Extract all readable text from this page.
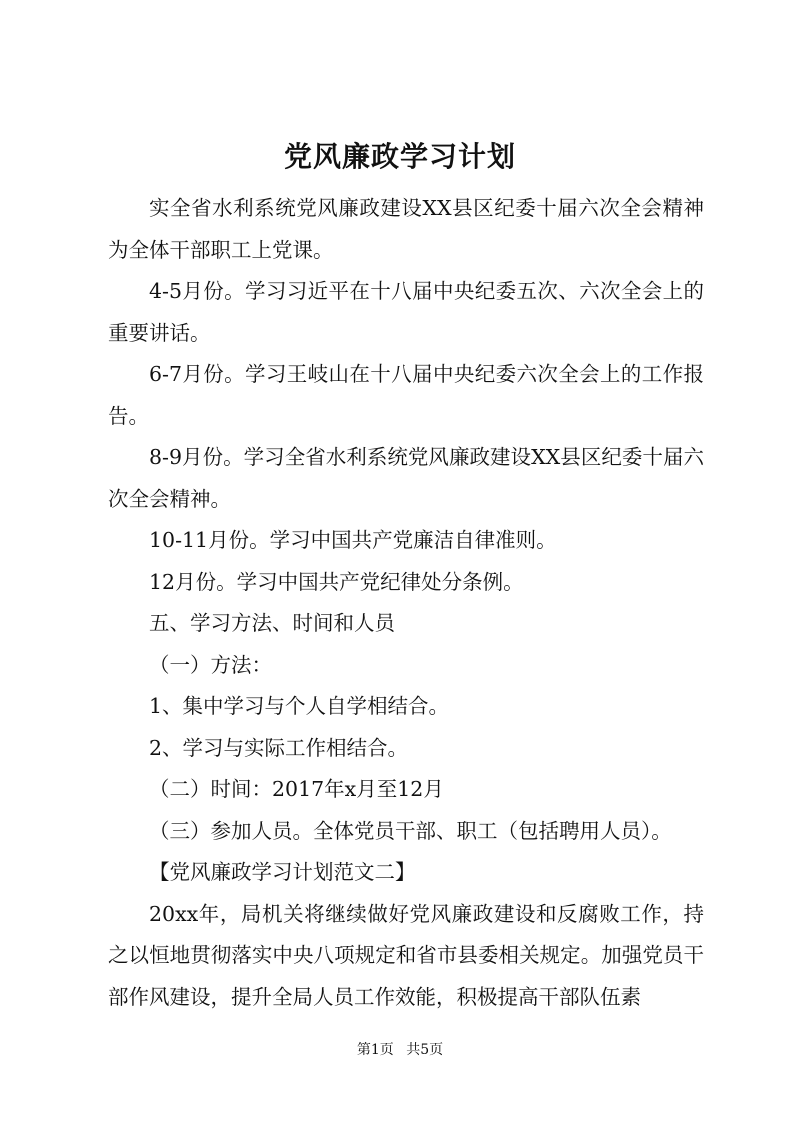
党风廉政学习计划

实全省水利系统党风廉政建设XX县区纪委十届六次全会精神为全体干部职工上党课。

4-5月份。学习习近平在十八届中央纪委五次、六次全会上的重要讲话。

6-7月份。学习王岐山在十八届中央纪委六次全会上的工作报告。

8-9月份。学习全省水利系统党风廉政建设XX县区纪委十届六次全会精神。

10-11月份。学习中国共产党廉洁自律准则。

12月份。学习中国共产党纪律处分条例。

五、学习方法、时间和人员

（一）方法：

1、集中学习与个人自学相结合。

2、学习与实际工作相结合。

（二）时间：2017年x月至12月

（三）参加人员。全体党员干部、职工（包括聘用人员）。

【党风廉政学习计划范文二】

20xx年，局机关将继续做好党风廉政建设和反腐败工作，持之以恒地贯彻落实中央八项规定和省市县委相关规定。加强党员干部作风建设，提升全局人员工作效能，积极提高干部队伍素

第1页 共5页
